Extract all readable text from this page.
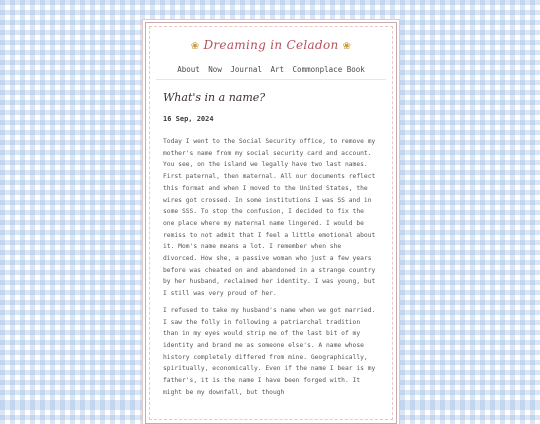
❀ Dreaming in Celadon ❀
About Now Journal Art Commonplace Book
What's in a name?
16 Sep, 2024

Today I went to the Social Security office, to remove my mother's name from my social security card and account. You see, on the island we legally have two last names. First paternal, then maternal. All our documents reflect this format and when I moved to the United States, the wires got crossed. In some institutions I was SS and in some SSS. To stop the confusion, I decided to fix the one place where my maternal name lingered. I would be remiss to not admit that I feel a little emotional about it. Mom's name means a lot. I remember when she divorced. How she, a passive woman who just a few years before was cheated on and abandoned in a strange country by her husband, reclaimed her identity. I was young, but I still was very proud of her.

I refused to take my husband's name when we got married. I saw the folly in following a patriarchal tradition than in my eyes would strip me of the last bit of my identity and brand me as someone else's. A name whose history completely differed from mine. Geographically, spiritually, economically. Even if the name I bear is my father's, it is the name I have been forged with. It might be my downfall, but though
